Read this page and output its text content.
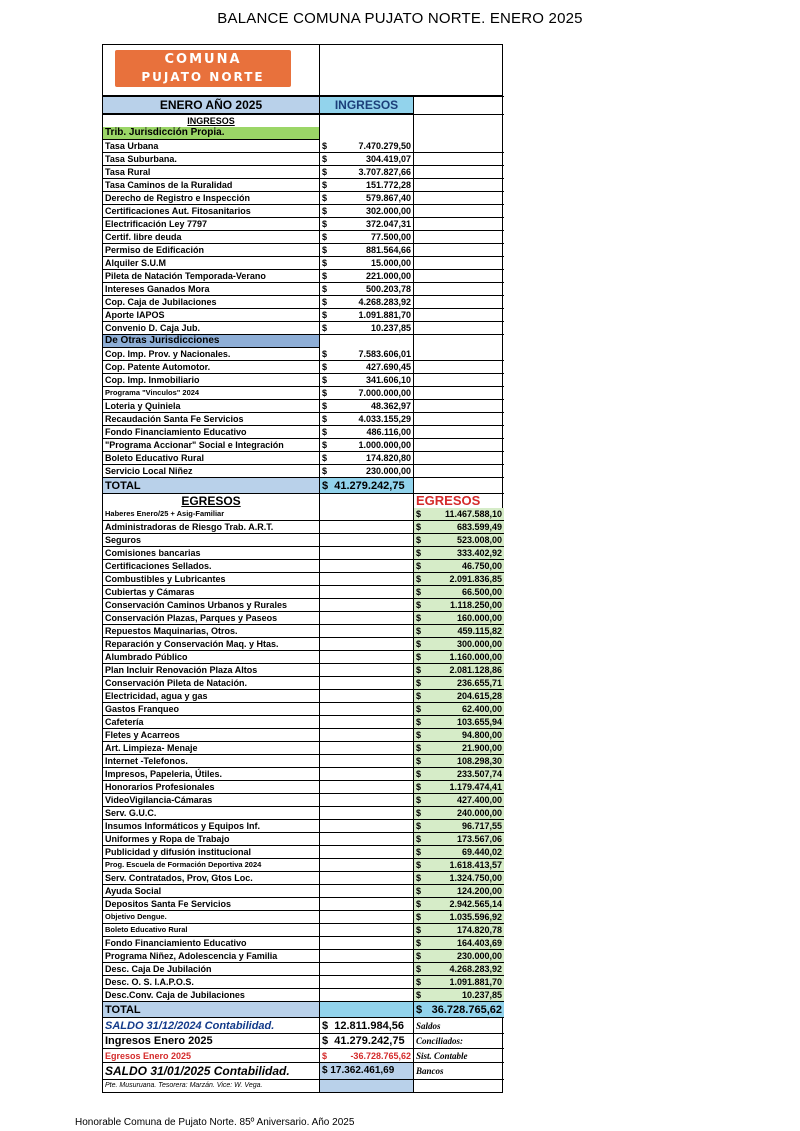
BALANCE COMUNA PUJATO NORTE. ENERO 2025
COMUNA
PUJATO NORTE
ENERO AÑO 2025	INGRESOS	
INGRESOS		
Trib. Jurisdicción Propia.		
Tasa Urbana	$ 7.470.279,50	

Tasa Suburbana.	$ 304.419,07	

Tasa Rural	$ 3.707.827,66	

Tasa Caminos de la Ruralidad	$ 151.772,28	

Derecho de Registro e Inspección	$ 579.867,40	

Certificaciones Aut. Fitosanitarios	$ 302.000,00	

Electrificación Ley 7797	$ 372.047,31	

Certif. libre deuda	$ 77.500,00	

Permiso de Edificación	$ 881.564,66	

Alquiler S.U.M	$ 15.000,00	

Pileta de Natación Temporada-Verano	$ 221.000,00	

Intereses Ganados Mora	$ 500.203,78	

Cop. Caja de Jubilaciones	$ 4.268.283,92	

Aporte IAPOS	$ 1.091.881,70	

Convenio D. Caja Jub.	$ 10.237,85	

De Otras Jurisdicciones		
Cop. Imp. Prov. y Nacionales.	$ 7.583.606,01	

Cop. Patente Automotor.	$ 427.690,45	

Cop. Imp. Inmobiliario	$ 341.606,10	

Programa "Vinculos" 2024	$ 7.000.000,00	

Loteria y Quiniela	$ 48.362,97	

Recaudación Santa Fe Servicios	$ 4.033.155,29	

Fondo Financiamiento Educativo	$ 486.116,00	

"Programa Accionar" Social e Integración	$ 1.000.000,00	

Boleto Educativo Rural	$ 174.820,80	

Servicio Local Niñez	$ 230.000,00	

TOTAL	$ 41.279.242,75	
EGRESOS		EGRESOS
Haberes Enero/25 + Asig-Familiar		$ 11.467.588,10

Administradoras de Riesgo Trab. A.R.T.		$ 683.599,49

Seguros		$ 523.008,00

Comisiones bancarias		$ 333.402,92

Certificaciones Sellados.		$ 46.750,00

Combustibles y Lubricantes		$ 2.091.836,85

Cubiertas y Cámaras		$ 66.500,00

Conservación Caminos Urbanos y Rurales		$ 1.118.250,00

Conservación Plazas, Parques y Paseos		$ 160.000,00

Repuestos Maquinarias, Otros.		$ 459.115,82

Reparación y Conservación Maq. y Htas.		$ 300.000,00

Alumbrado Público		$ 1.160.000,00

Plan Incluir Renovación Plaza Altos		$ 2.081.128,86

Conservación Pileta de Natación.		$ 236.655,71

Electricidad, agua y gas		$ 204.615,28

Gastos Franqueo		$ 62.400,00

Cafetería		$ 103.655,94

Fletes y Acarreos		$ 94.800,00

Art. Limpieza- Menaje		$ 21.900,00

Internet -Telefonos.		$ 108.298,30

Impresos, Papeleria, Útiles.		$ 233.507,74

Honorarios Profesionales		$ 1.179.474,41

VideoVigilancia-Cámaras		$ 427.400,00

Serv. G.U.C.		$ 240.000,00

Insumos Informáticos y Equipos Inf.		$ 96.717,55

Uniformes y Ropa de Trabajo		$ 173.567,06

Publicidad y difusión institucional		$ 69.440,02

Prog. Escuela de Formación Deportiva 2024		$ 1.618.413,57

Serv. Contratados, Prov, Gtos Loc.		$ 1.324.750,00

Ayuda Social		$ 124.200,00

Depositos Santa Fe Servicios		$ 2.942.565,14

Objetivo Dengue.		$ 1.035.596,92

Boleto Educativo Rural		$ 174.820,78

Fondo Financiamiento Educativo		$ 164.403,69

Programa Niñez, Adolescencia y Familia		$ 230.000,00

Desc. Caja De Jubilación		$ 4.268.283,92

Desc. O. S. I.A.P.O.S.		$ 1.091.881,70

Desc.Conv. Caja de Jubilaciones		$ 10.237,85

TOTAL		$ 36.728.765,62

SALDO 31/12/2024 Contabilidad.	$ 12.811.984,56	Saldos
Ingresos Enero 2025	$ 41.279.242,75	Conciliados:
Egresos Enero 2025	$ -36.728.765,62	Sist. Contable
SALDO 31/01/2025 Contabilidad.	$ 17.362.461,69	Bancos
Pte. Musuruana. Tesorera: Marzán. Vice: W. Vega.		
Honorable Comuna de Pujato Norte. 85º Aniversario. Año 2025
